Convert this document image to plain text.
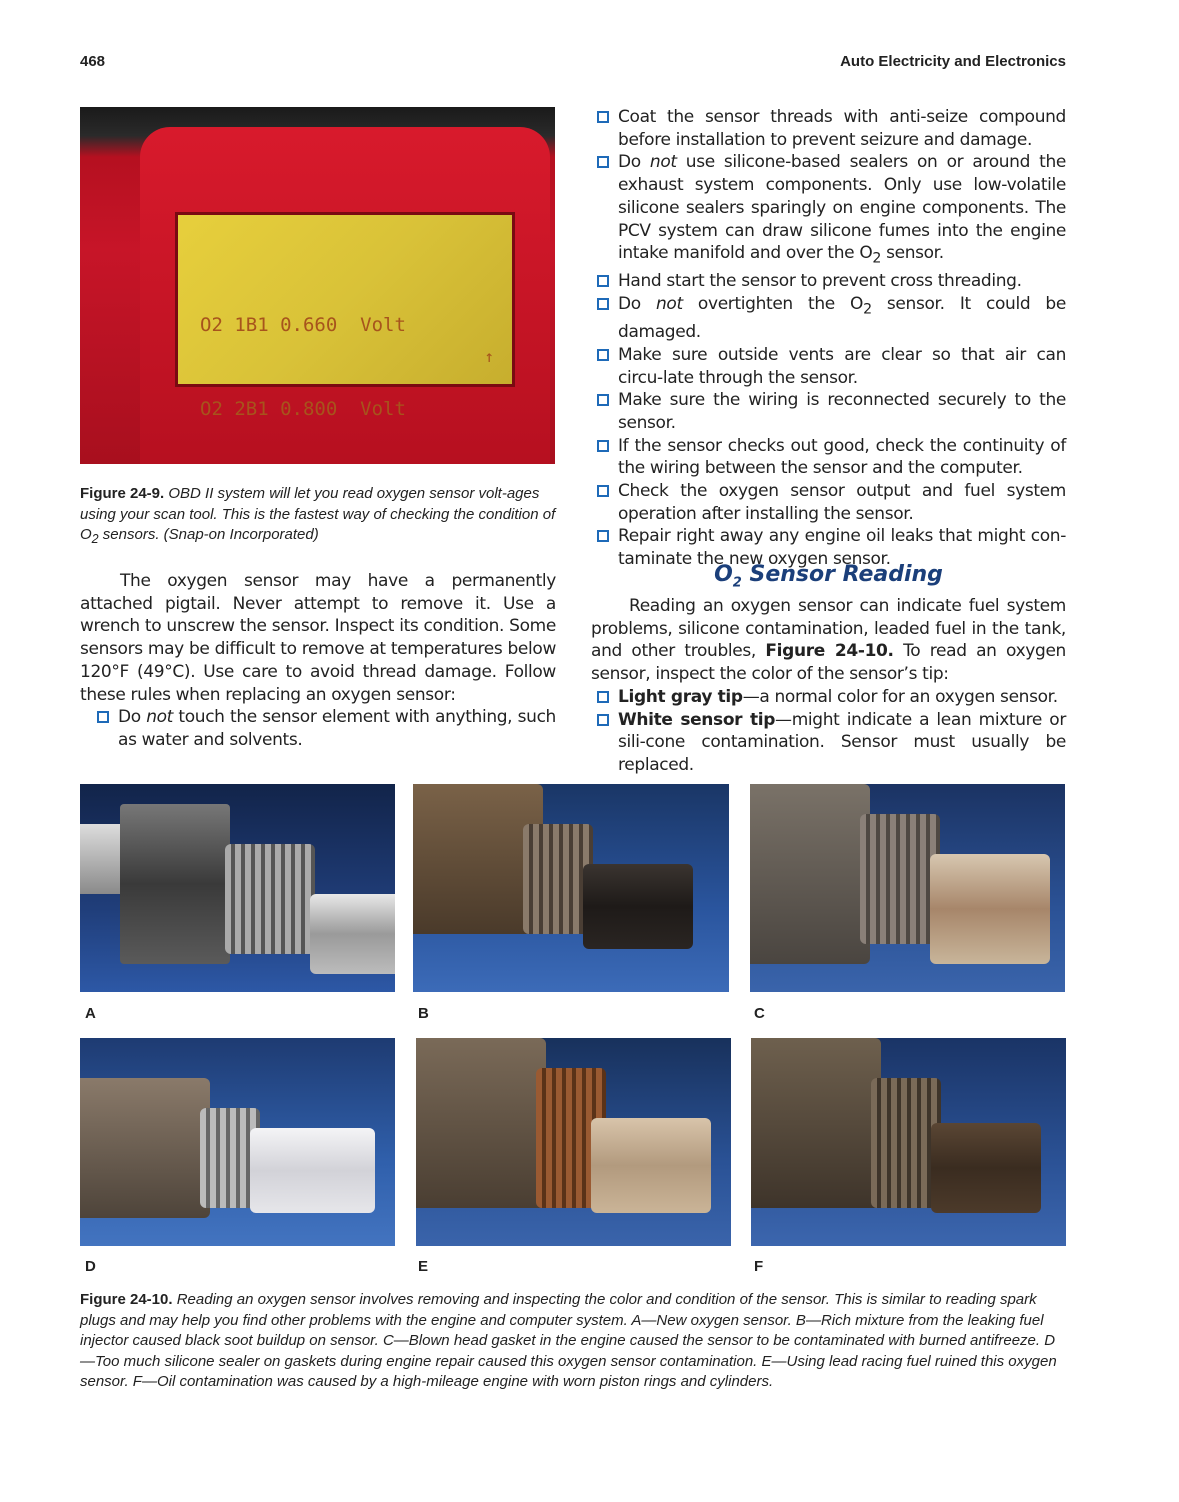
468	Auto Electricity and Electronics

O2 1B1 0.660  Volt

O2 2B1 0.800  Volt

↑
Figure 24-9. OBD II system will let you read oxygen sensor volt-ages using your scan tool. This is the fastest way of checking the condition of $O_2$ sensors. (Snap-on Incorporated)

The oxygen sensor may have a permanently attached pigtail. Never attempt to remove it. Use a wrench to unscrew the sensor. Inspect its condition. Some sensors may be difficult to remove at temperatures below 120°F (49°C). Use care to avoid thread damage. Follow these rules when replacing an oxygen sensor:

Do not touch the sensor element with anything, such as water and solvents.
Coat the sensor threads with anti-seize compound before installation to prevent seizure and damage.
Do not use silicone-based sealers on or around the exhaust system components. Only use low-volatile silicone sealers sparingly on engine components. The PCV system can draw silicone fumes into the engine intake manifold and over the $O_2$ sensor.
Hand start the sensor to prevent cross threading.
Do not overtighten the $O_2$ sensor. It could be damaged.
Make sure outside vents are clear so that air can circu-late through the sensor.
Make sure the wiring is reconnected securely to the sensor.
If the sensor checks out good, check the continuity of the wiring between the sensor and the computer.
Check the oxygen sensor output and fuel system operation after installing the sensor.
Repair right away any engine oil leaks that might con-taminate the new oxygen sensor.
$O_2$ Sensor Reading

Reading an oxygen sensor can indicate fuel system problems, silicone contamination, leaded fuel in the tank, and other troubles, Figure 24-10. To read an oxygen sensor, inspect the color of the sensor’s tip:

Light gray tip—a normal color for an oxygen sensor.
White sensor tip—might indicate a lean mixture or sili-cone contamination. Sensor must usually be replaced.
A	B	C
D	E	F
Figure 24-10. Reading an oxygen sensor involves removing and inspecting the color and condition of the sensor. This is similar to reading spark plugs and may help you find other problems with the engine and computer system. A—New oxygen sensor. B—Rich mixture from the leaking fuel injector caused black soot buildup on sensor. C—Blown head gasket in the engine caused the sensor to be contaminated with burned antifreeze. D—Too much silicone sealer on gaskets during engine repair caused this oxygen sensor contamination. E—Using lead racing fuel ruined this oxygen sensor. F—Oil contamination was caused by a high-mileage engine with worn piston rings and cylinders.
